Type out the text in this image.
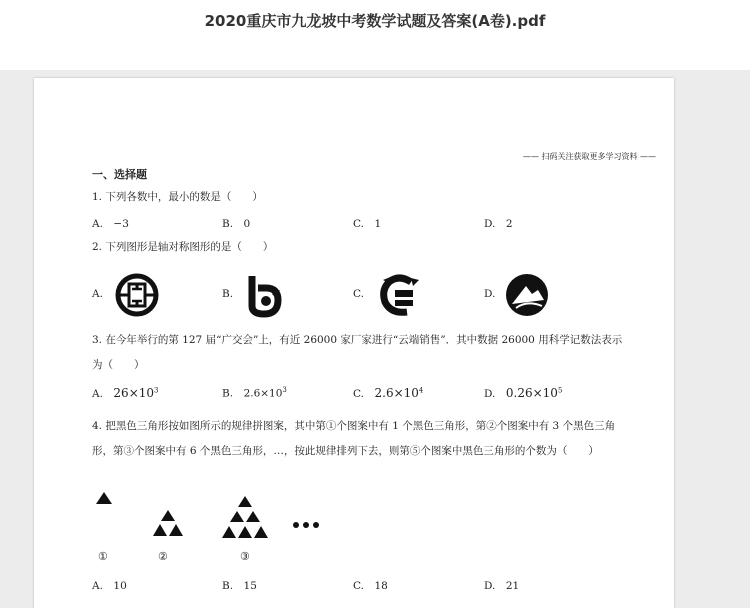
2020重庆市九龙坡中考数学试题及答案(A卷).pdf
—— 扫码关注获取更多学习资料 ——
一、选择题
1. 下列各数中，最小的数是（　　）
A.　−3	B.　0	C.　1	D.　2
2. 下列图形是轴对称图形的是（　　）
A.	B.	C.	D.
3. 在今年举行的第 127 届“广交会”上，有近 26000 家厂家进行“云端销售”．其中数据 26000 用科学记数法表示为（　　）
A.  $26\times 10^3$	B.  $2.6\times 10^3$	C.  $2.6\times 10^4$	D.  $0.26\times 10^5$
4. 把黑色三角形按如图所示的规律拼图案，其中第①个图案中有 1 个黑色三角形，第②个图案中有 3 个黑色三角形，第③个图案中有 6 个黑色三角形，…，按此规律排列下去，则第⑤个图案中黑色三角形的个数为（　　）
①	②	③
A.　10	B.　15	C.　18	D.　21
